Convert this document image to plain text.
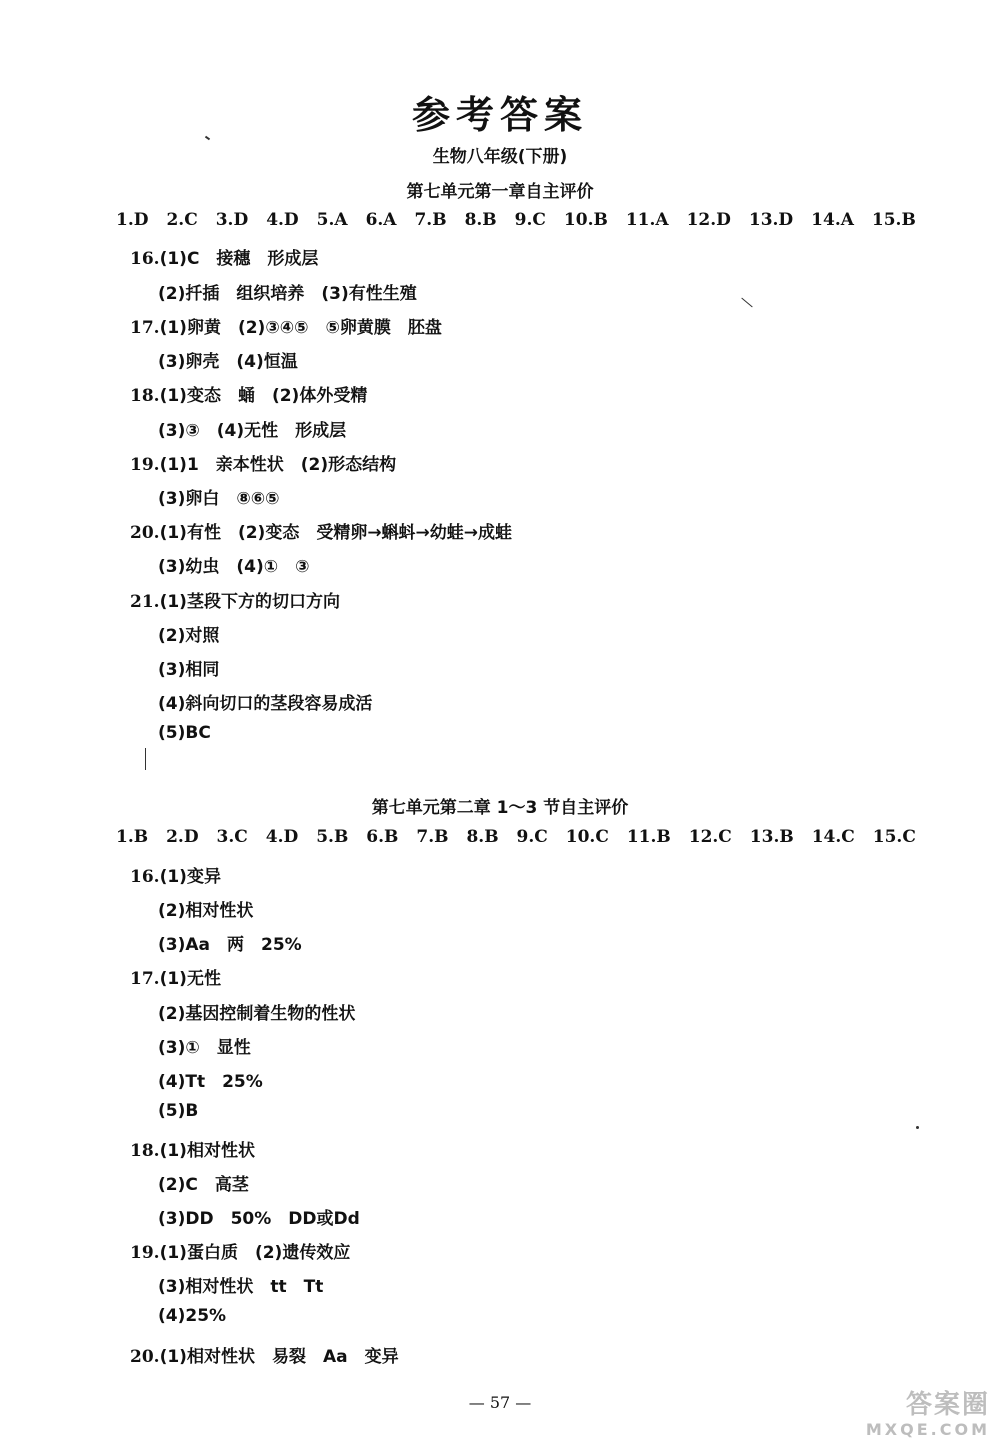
参考答案
生物八年级(下册)
第七单元第一章自主评价
1.D 2.C 3.D 4.D 5.A 6.A 7.B 8.B 9.C 10.B 11.A 12.D 13.D 14.A 15.B
16.(1)C　接穗　形成层
(2)扦插　组织培养　(3)有性生殖
17.(1)卵黄　(2)③④⑤　⑤卵黄膜　胚盘
(3)卵壳　(4)恒温
18.(1)变态　蛹　(2)体外受精
(3)③　(4)无性　形成层
19.(1)1　亲本性状　(2)形态结构
(3)卵白　⑧⑥⑤
20.(1)有性　(2)变态　受精卵→蝌蚪→幼蛙→成蛙
(3)幼虫　(4)①　③
21.(1)茎段下方的切口方向
(2)对照
(3)相同
(4)斜向切口的茎段容易成活
(5)BC
第七单元第二章 1～3 节自主评价
1.B 2.D 3.C 4.D 5.B 6.B 7.B 8.B 9.C 10.C 11.B 12.C 13.B 14.C 15.C
16.(1)变异
(2)相对性状
(3)Aa　两　25%
17.(1)无性
(2)基因控制着生物的性状
(3)①　显性
(4)Tt　25%
(5)B
18.(1)相对性状
(2)C　高茎
(3)DD　50%　DD或Dd
19.(1)蛋白质　(2)遗传效应
(3)相对性状　tt　Tt
(4)25%
20.(1)相对性状　易裂　Aa　变异
— 57 —	答案圈
MXQE.COM
